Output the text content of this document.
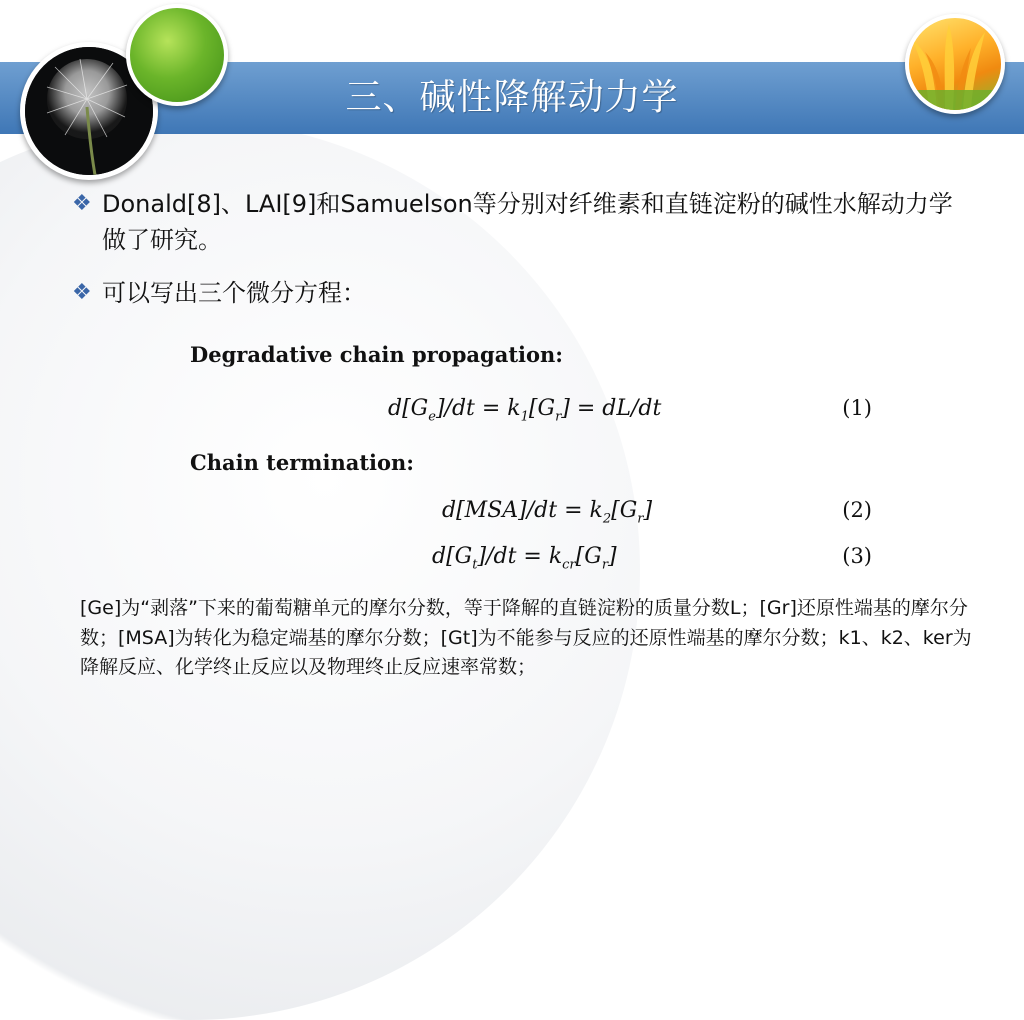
三、碱性降解动力学
❖ Donald[8]、LAI[9]和Samuelson等分别对纤维素和直链淀粉的碱性水解动力学做了研究。
❖ 可以写出三个微分方程：
Degradative chain propagation:
$d[G_e]/dt = k_1[G_r] = dL/dt$	(1)
Chain termination:
$d[MSA]/dt = k_2[G_r]$	(2)
$d[G_t]/dt = k_{cr}[G_r]$	(3)
[Ge]为“剥落”下来的葡萄糖单元的摩尔分数，等于降解的直链淀粉的质量分数L；[Gr]还原性端基的摩尔分数；[MSA]为转化为稳定端基的摩尔分数；[Gt]为不能参与反应的还原性端基的摩尔分数；k1、k2、ker为降解反应、化学终止反应以及物理终止反应速率常数；
